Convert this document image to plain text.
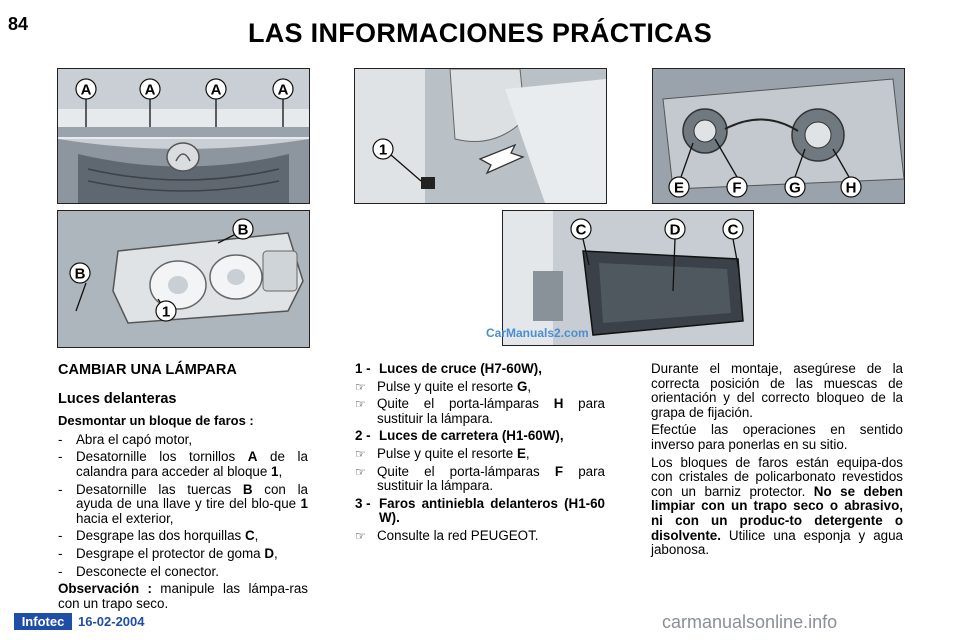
84	LAS INFORMACIONES PRÁCTICAS
A	A	A	A
B
B
1
1
E	F	G	H
C	D	C
CarManuals2.com
CAMBIAR UNA LÁMPARA
Luces delanteras
Desmontar un bloque de faros :
-	Abra el capó motor,
-	Desatornille los tornillos A de la calandra para acceder al bloque 1,
-	Desatornille las tuercas B con la ayuda de una llave y tire del blo-que 1 hacia el exterior,
-	Desgrape las dos horquillas C,
-	Desgrape el protector de goma D,
-	Desconecte el conector.
Observación : manipule las lámpa-ras con un trapo seco.
1 - Luces de cruce (H7-60W),
☞ Pulse y quite el resorte G,
☞ Quite el porta-lámparas H para sustituir la lámpara.
2 - Luces de carretera (H1-60W),
☞ Pulse y quite el resorte E,
☞ Quite el porta-lámparas F para sustituir la lámpara.
3 - Faros antiniebla delanteros (H1-60 W).
☞ Consulte la red PEUGEOT.
Durante el montaje, asegúrese de la correcta posición de las muescas de orientación y del correcto bloqueo de la grapa de fijación.
Efectúe las operaciones en sentido inverso para ponerlas en su sitio.
Los bloques de faros están equipa-dos con cristales de policarbonato revestidos con un barniz protector. No se deben limpiar con un trapo seco o abrasivo, ni con un produc-to detergente o disolvente. Utilice una esponja y agua jabonosa.
Infotec	16-02-2004	carmanualsonline.info
